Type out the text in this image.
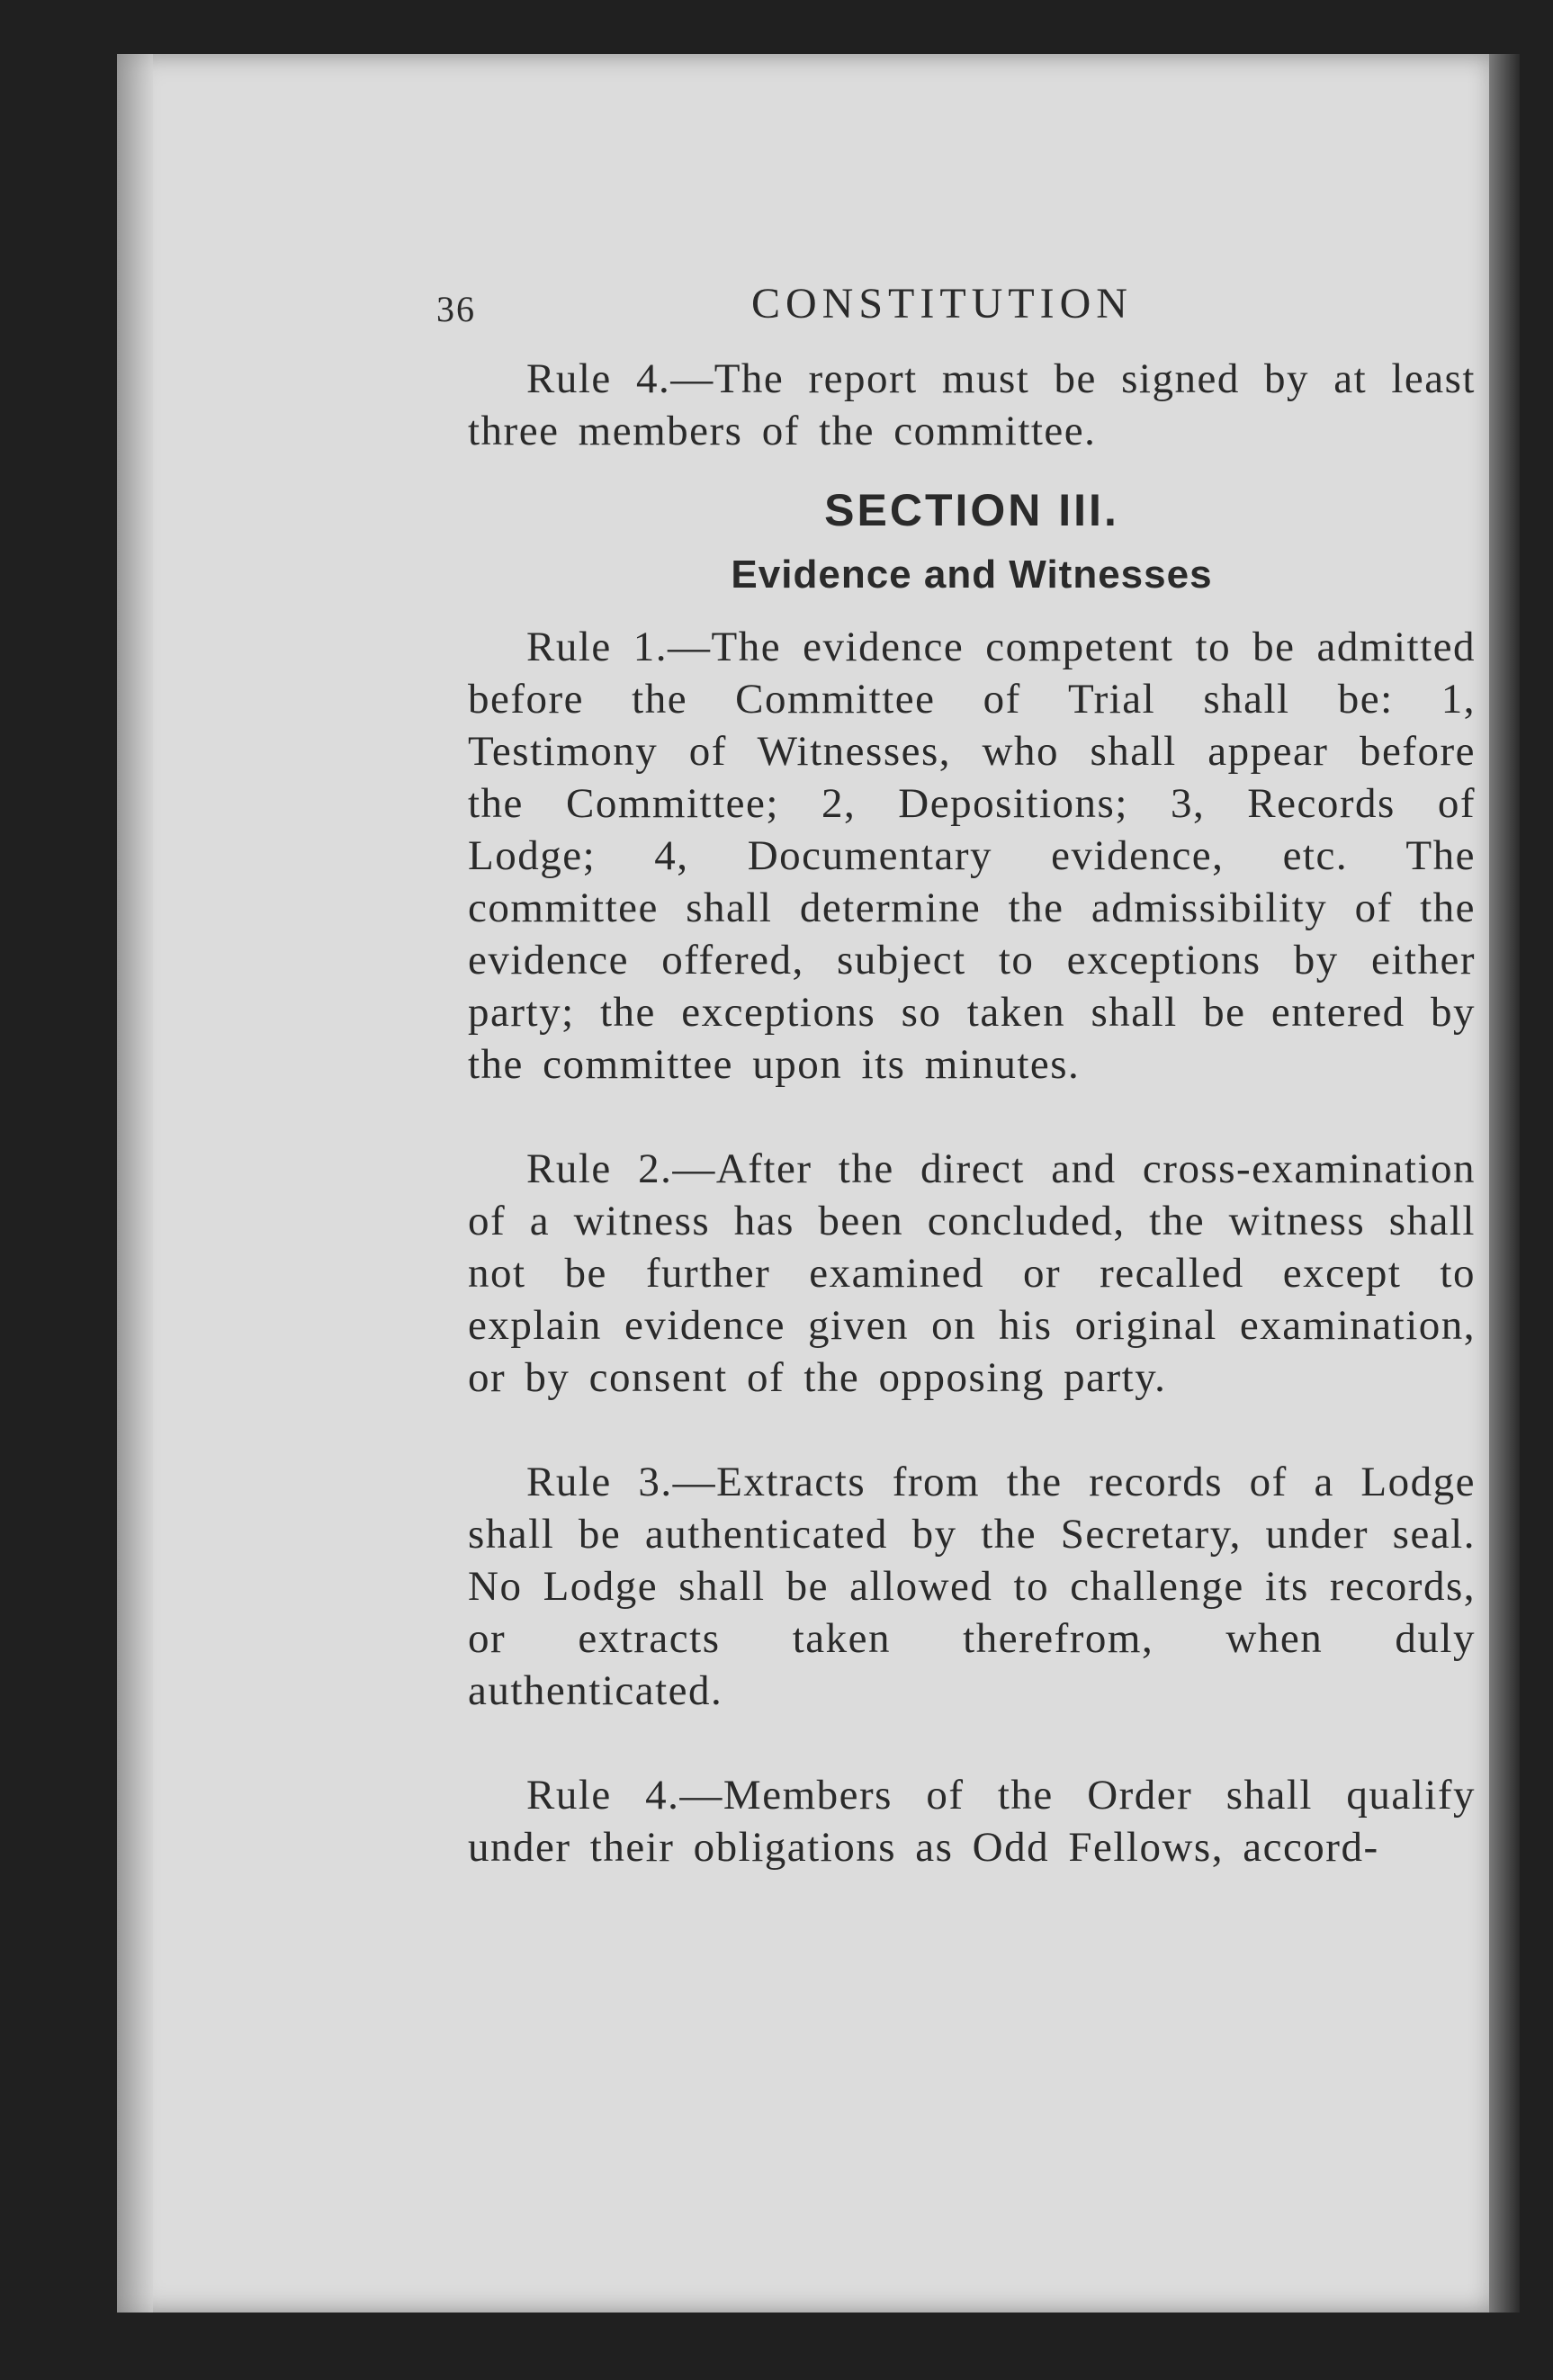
36	CONSTITUTION

Rule 4.—The report must be signed by at least three members of the committee.

SECTION III.
Evidence and Witnesses

Rule 1.—The evidence competent to be admitted before the Committee of Trial shall be: 1, Testimony of Witnesses, who shall appear before the Committee; 2, Depositions; 3, Records of Lodge; 4, Documentary evidence, etc. The committee shall determine the admissibility of the evidence offered, subject to exceptions by either party; the exceptions so taken shall be entered by the committee upon its minutes.

Rule 2.—After the direct and cross-examination of a witness has been concluded, the witness shall not be further examined or recalled except to explain evidence given on his original examination, or by consent of the opposing party.

Rule 3.—Extracts from the records of a Lodge shall be authenticated by the Secretary, under seal. No Lodge shall be allowed to challenge its records, or extracts taken therefrom, when duly authenticated.

Rule 4.—Members of the Order shall qualify under their obligations as Odd Fellows, accord-
